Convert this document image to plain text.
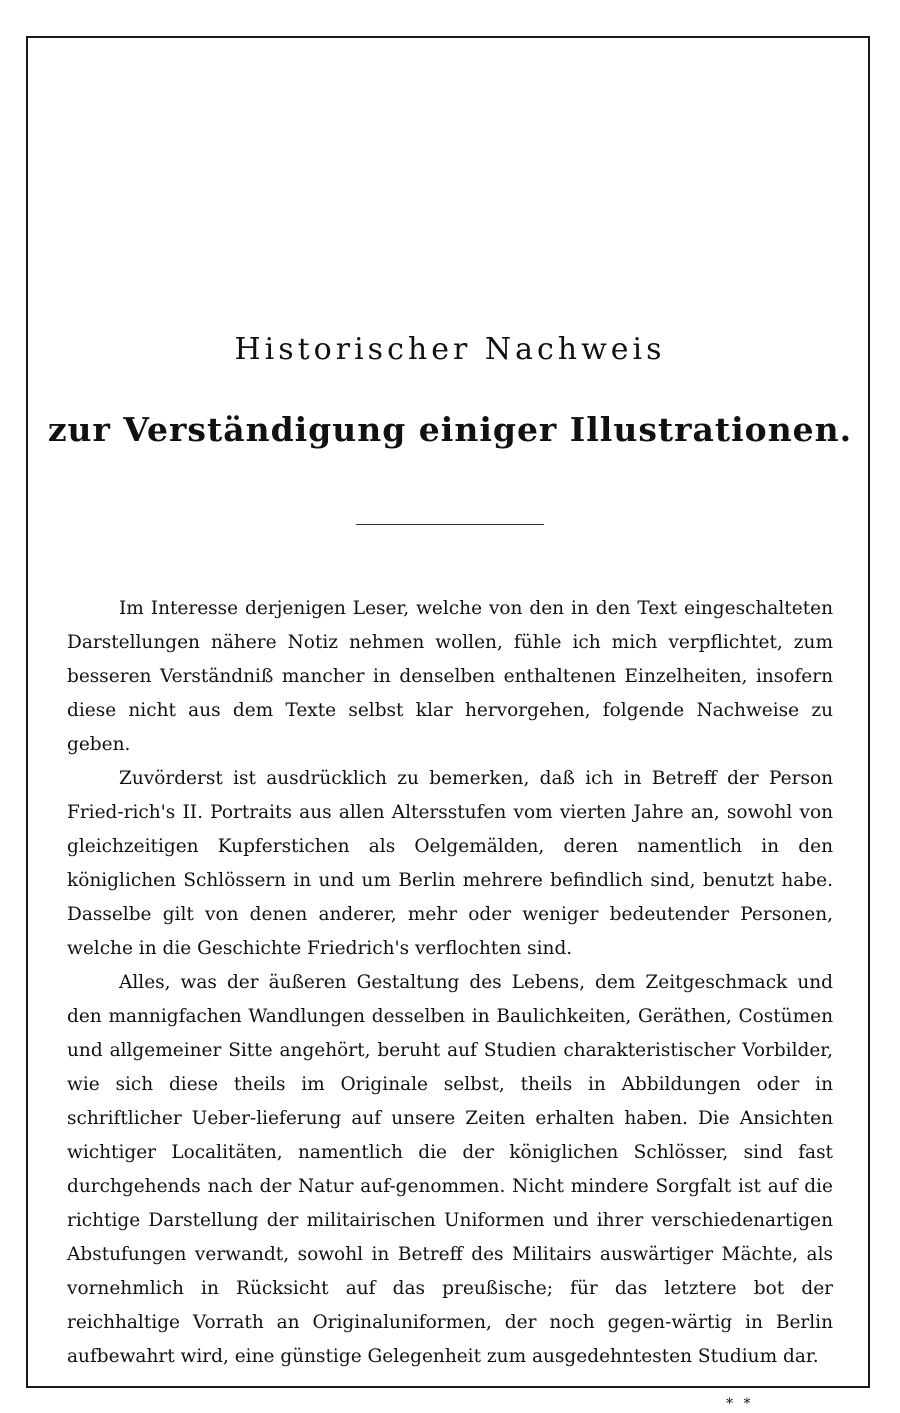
Historischer Nachweis
zur Verständigung einiger Illustrationen.

Im Interesse derjenigen Leser, welche von den in den Text eingeschalteten Darstellungen nähere Notiz nehmen wollen, fühle ich mich verpflichtet, zum besseren Verständniß mancher in denselben enthaltenen Einzelheiten, insofern diese nicht aus dem Texte selbst klar hervorgehen, folgende Nachweise zu geben.

Zuvörderst ist ausdrücklich zu bemerken, daß ich in Betreff der Person Fried-rich's II. Portraits aus allen Altersstufen vom vierten Jahre an, sowohl von gleichzeitigen Kupferstichen als Oelgemälden, deren namentlich in den königlichen Schlössern in und um Berlin mehrere befindlich sind, benutzt habe. Dasselbe gilt von denen anderer, mehr oder weniger bedeutender Personen, welche in die Geschichte Friedrich's verflochten sind.

Alles, was der äußeren Gestaltung des Lebens, dem Zeitgeschmack und den mannigfachen Wandlungen desselben in Baulichkeiten, Geräthen, Costümen und allgemeiner Sitte angehört, beruht auf Studien charakteristischer Vorbilder, wie sich diese theils im Originale selbst, theils in Abbildungen oder in schriftlicher Ueber-lieferung auf unsere Zeiten erhalten haben. Die Ansichten wichtiger Localitäten, namentlich die der königlichen Schlösser, sind fast durchgehends nach der Natur auf-genommen. Nicht mindere Sorgfalt ist auf die richtige Darstellung der militairischen Uniformen und ihrer verschiedenartigen Abstufungen verwandt, sowohl in Betreff des Militairs auswärtiger Mächte, als vornehmlich in Rücksicht auf das preußische; für das letztere bot der reichhaltige Vorrath an Originaluniformen, der noch gegen-wärtig in Berlin aufbewahrt wird, eine günstige Gelegenheit zum ausgedehntesten Studium dar.

* *
